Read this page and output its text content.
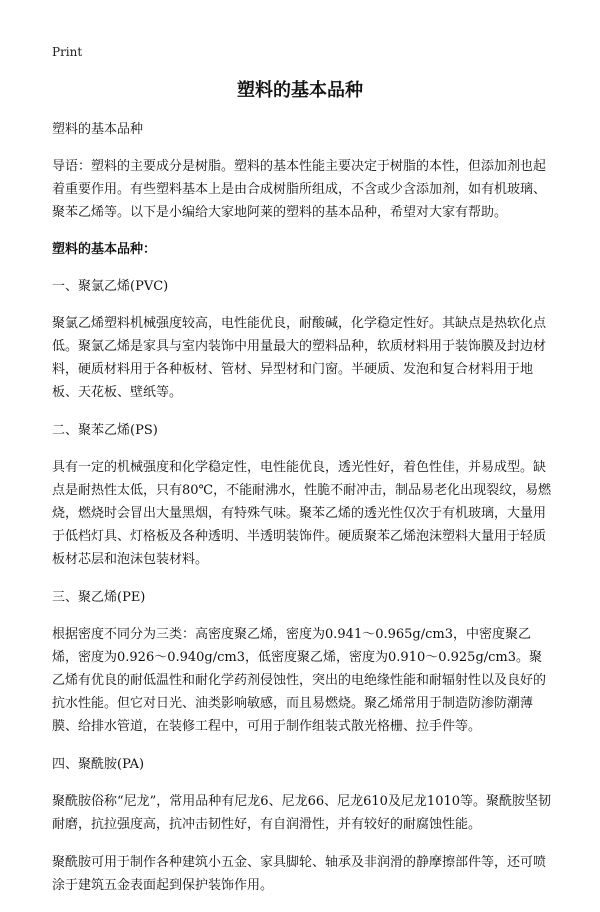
Print
塑料的基本品种

塑料的基本品种

导语：塑料的主要成分是树脂。塑料的基本性能主要决定于树脂的本性，但添加剂也起着重要作用。有些塑料基本上是由合成树脂所组成，不含或少含添加剂，如有机玻璃、聚苯乙烯等。以下是小编给大家地阿莱的塑料的基本品种，希望对大家有帮助。

塑料的基本品种：

一、聚氯乙烯(PVC)

聚氯乙烯塑料机械强度较高，电性能优良，耐酸碱，化学稳定性好。其缺点是热软化点低。聚氯乙烯是家具与室内装饰中用量最大的塑料品种，软质材料用于装饰膜及封边材料，硬质材料用于各种板材、管材、异型材和门窗。半硬质、发泡和复合材料用于地板、天花板、壁纸等。

二、聚苯乙烯(PS)

具有一定的机械强度和化学稳定性，电性能优良，透光性好，着色性佳，并易成型。缺点是耐热性太低，只有80℃，不能耐沸水，性脆不耐冲击，制品易老化出现裂纹，易燃烧，燃烧时会冒出大量黑烟，有特殊气味。聚苯乙烯的透光性仅次于有机玻璃，大量用于低档灯具、灯格板及各种透明、半透明装饰件。硬质聚苯乙烯泡沫塑料大量用于轻质板材芯层和泡沫包装材料。

三、聚乙烯(PE)

根据密度不同分为三类：高密度聚乙烯，密度为0.941～0.965g/cm3，中密度聚乙烯，密度为0.926～0.940g/cm3，低密度聚乙烯，密度为0.910～0.925g/cm3。聚乙烯有优良的耐低温性和耐化学药剂侵蚀性，突出的电绝缘性能和耐辐射性以及良好的抗水性能。但它对日光、油类影响敏感，而且易燃烧。聚乙烯常用于制造防渗防潮薄膜、给排水管道，在装修工程中，可用于制作组装式散光格栅、拉手件等。

四、聚酰胺(PA)

聚酰胺俗称“尼龙”，常用品种有尼龙6、尼龙66、尼龙610及尼龙1010等。聚酰胺坚韧耐磨，抗拉强度高，抗冲击韧性好，有自润滑性，并有较好的耐腐蚀性能。

聚酰胺可用于制作各种建筑小五金、家具脚轮、轴承及非润滑的静摩擦部件等，还可喷涂于建筑五金表面起到保护装饰作用。
